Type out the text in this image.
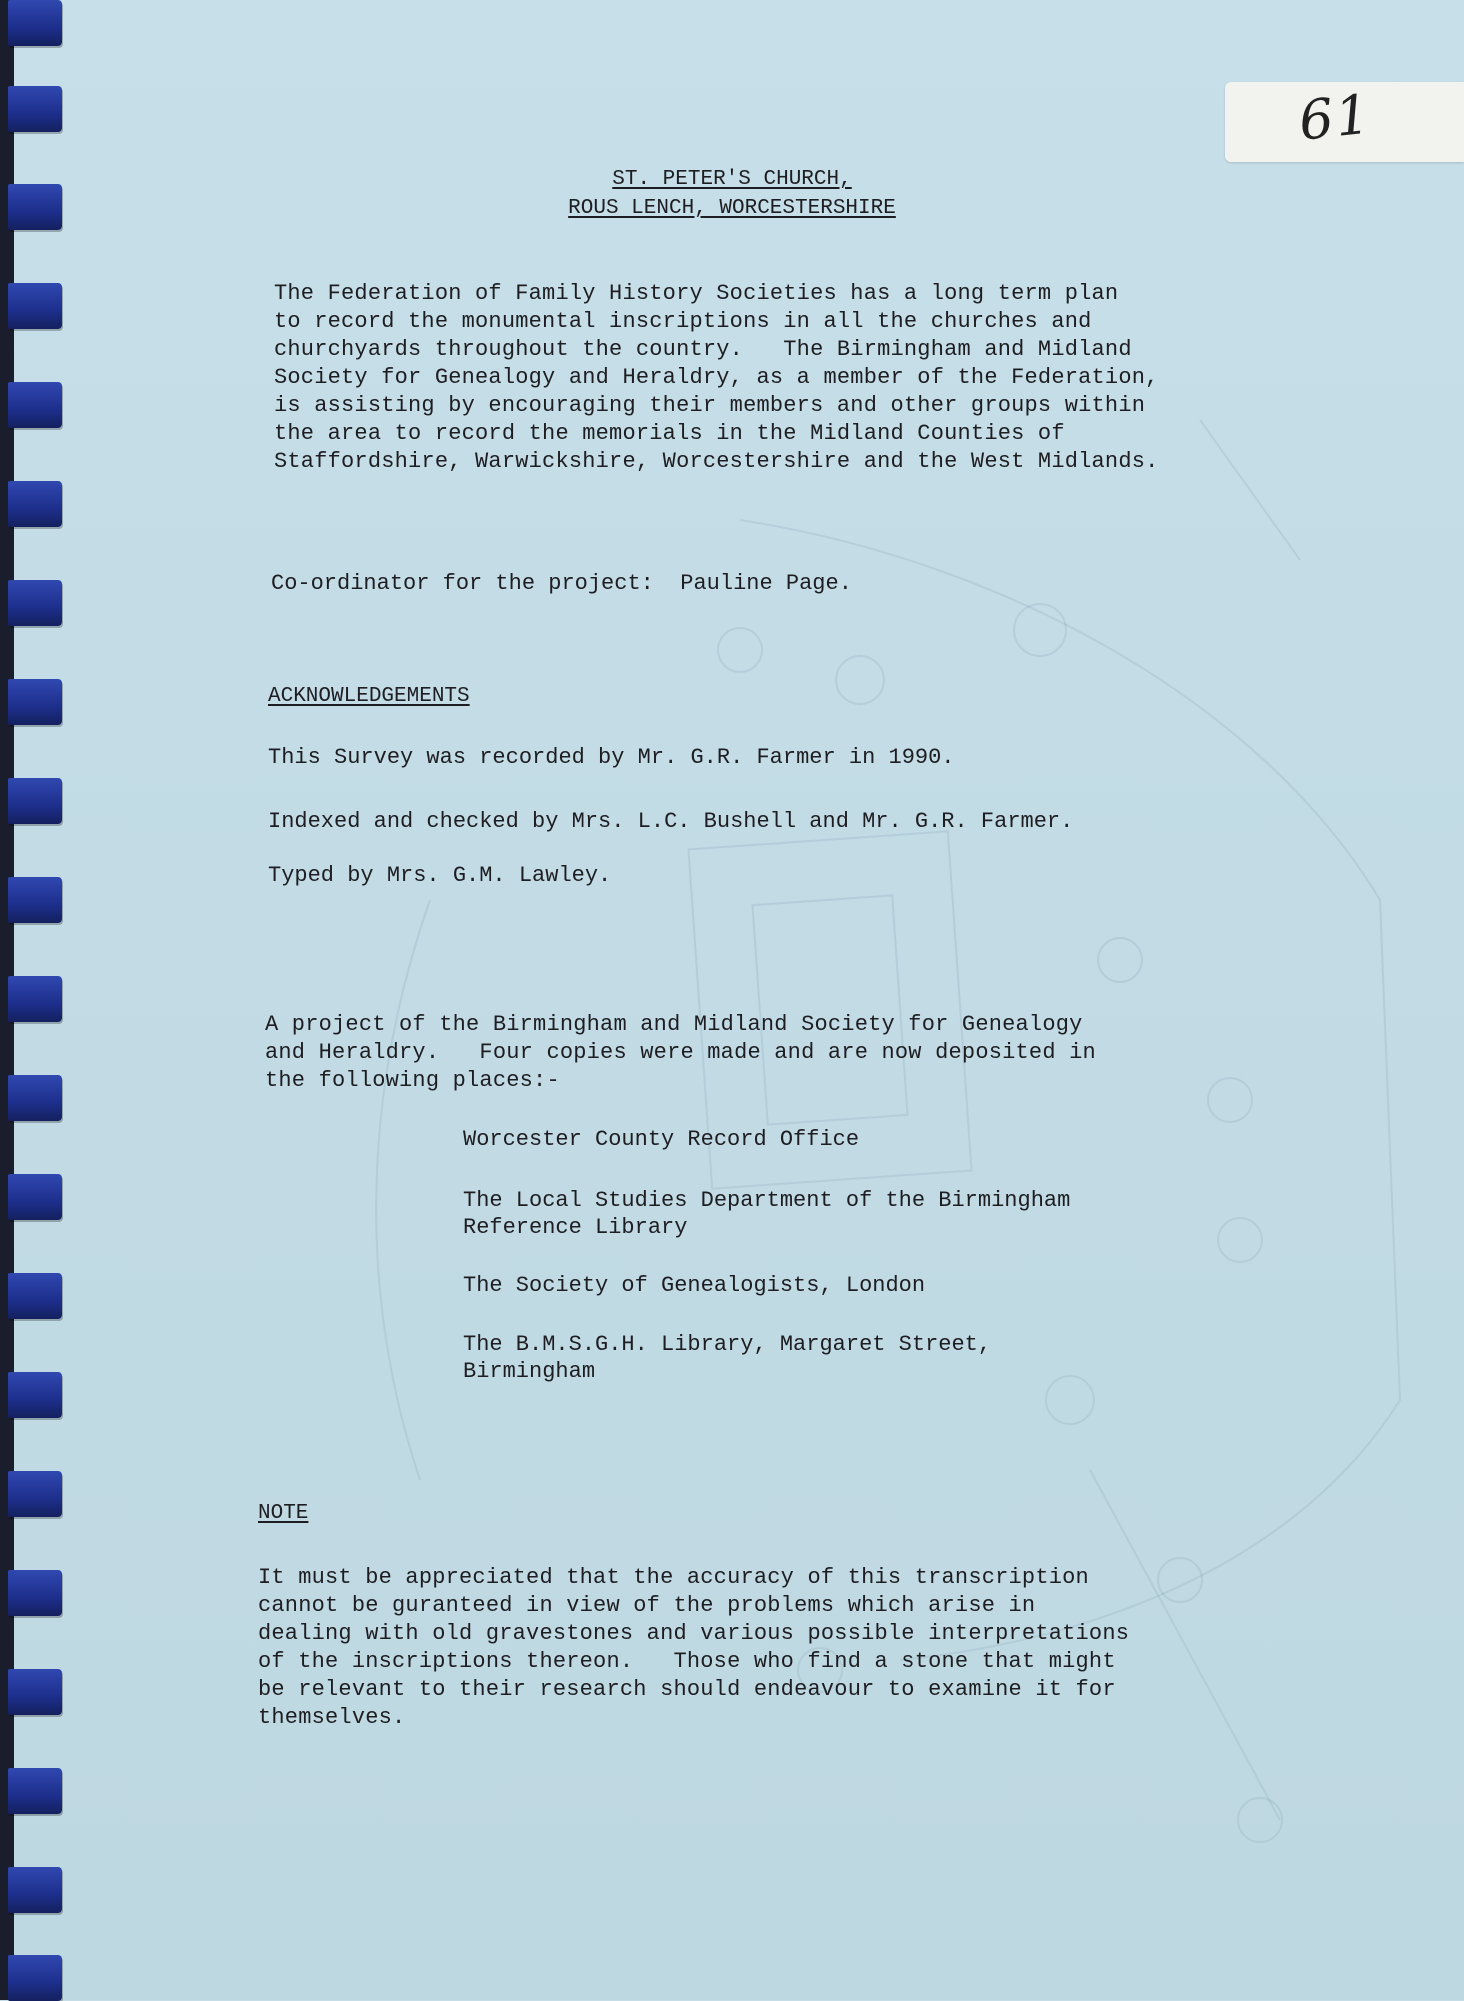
61
ST. PETER'S CHURCH,
ROUS LENCH, WORCESTERSHIRE
The Federation of Family History Societies has a long term plan
to record the monumental inscriptions in all the churches and
churchyards throughout the country.   The Birmingham and Midland
Society for Genealogy and Heraldry, as a member of the Federation,
is assisting by encouraging their members and other groups within
the area to record the memorials in the Midland Counties of
Staffordshire, Warwickshire, Worcestershire and the West Midlands.
Co-ordinator for the project:  Pauline Page.
ACKNOWLEDGEMENTS
This Survey was recorded by Mr. G.R. Farmer in 1990.
Indexed and checked by Mrs. L.C. Bushell and Mr. G.R. Farmer.
Typed by Mrs. G.M. Lawley.
A project of the Birmingham and Midland Society for Genealogy
and Heraldry.   Four copies were made and are now deposited in
the following places:-
Worcester County Record Office
The Local Studies Department of the Birmingham
Reference Library
The Society of Genealogists, London
The B.M.S.G.H. Library, Margaret Street,
Birmingham
NOTE
It must be appreciated that the accuracy of this transcription
cannot be guranteed in view of the problems which arise in
dealing with old gravestones and various possible interpretations
of the inscriptions thereon.   Those who find a stone that might
be relevant to their research should endeavour to examine it for
themselves.
